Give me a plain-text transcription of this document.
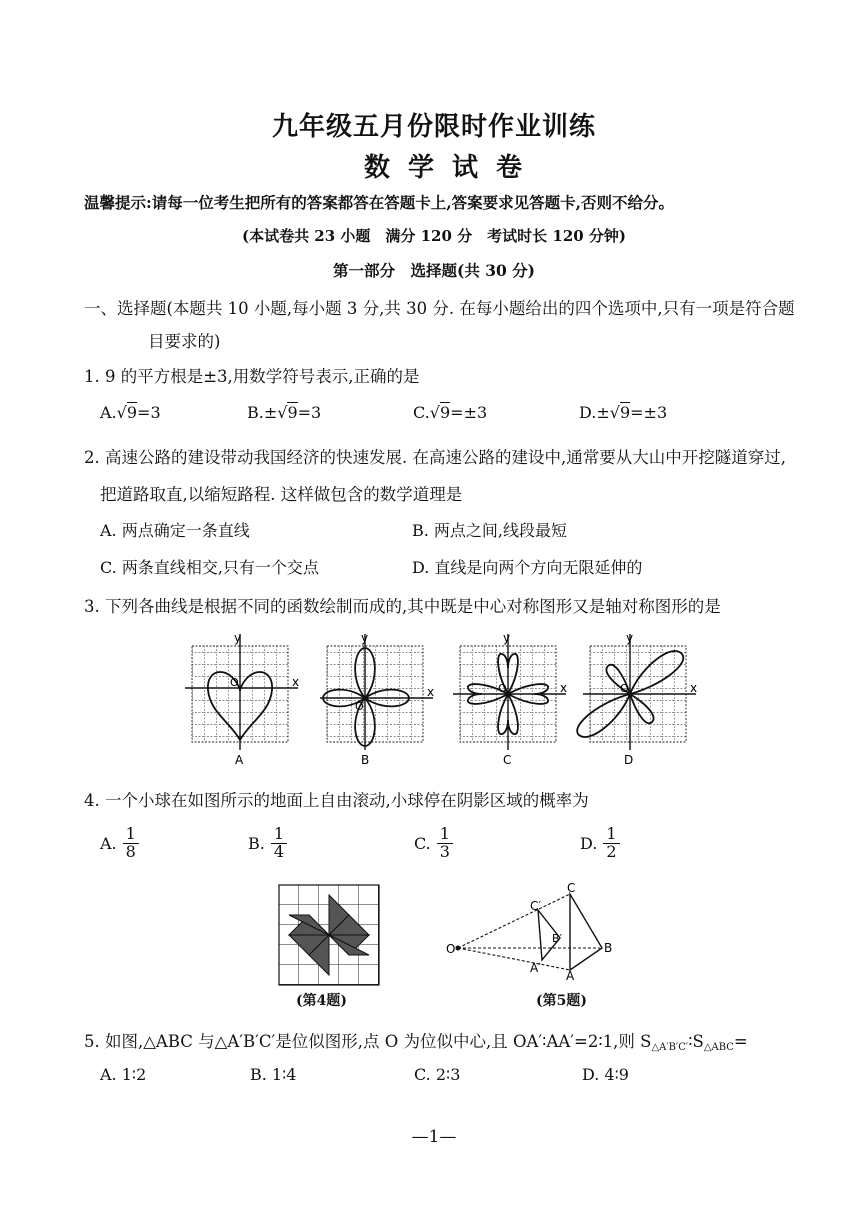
九年级五月份限时作业训练
数学试卷
温馨提示:请每一位考生把所有的答案都答在答题卡上,答案要求见答题卡,否则不给分。
(本试卷共 23 小题　满分 120 分　考试时长 120 分钟)
第一部分　选择题(共 30 分)
一、选择题(本题共 10 小题,每小题 3 分,共 30 分. 在每小题给出的四个选项中,只有一项是符合题
目要求的)
1. 9 的平方根是±3,用数学符号表示,正确的是
A.√9=3	B.±√9=3	C.√9=±3	D.±√9=±3
2. 高速公路的建设带动我国经济的快速发展. 在高速公路的建设中,通常要从大山中开挖隧道穿过,
把道路取直,以缩短路程. 这样做包含的数学道理是
A. 两点确定一条直线	B. 两点之间,线段最短
C. 两条直线相交,只有一个交点	D. 直线是向两个方向无限延伸的
3. 下列各曲线是根据不同的函数绘制而成的,其中既是中心对称图形又是轴对称图形的是
y
x
O
A
y
x
O
B
y
x
O
C
y
x
O
D
4. 一个小球在如图所示的地面上自由滚动,小球停在阴影区域的概率为
A. $\frac{1}{8}$	B. $\frac{1}{4}$	C. $\frac{1}{3}$	D. $\frac{1}{2}$
(第4题)
O
C
C′
B′
B
A′
A
(第5题)
5. 如图,△ABC 与△A′B′C′是位似图形,点 O 为位似中心,且 OA′∶AA′=2∶1,则 $S_{\triangle A'B'C'}∶S_{\triangle ABC}=$
A. 1∶2	B. 1∶4	C. 2∶3	D. 4∶9
—1—
